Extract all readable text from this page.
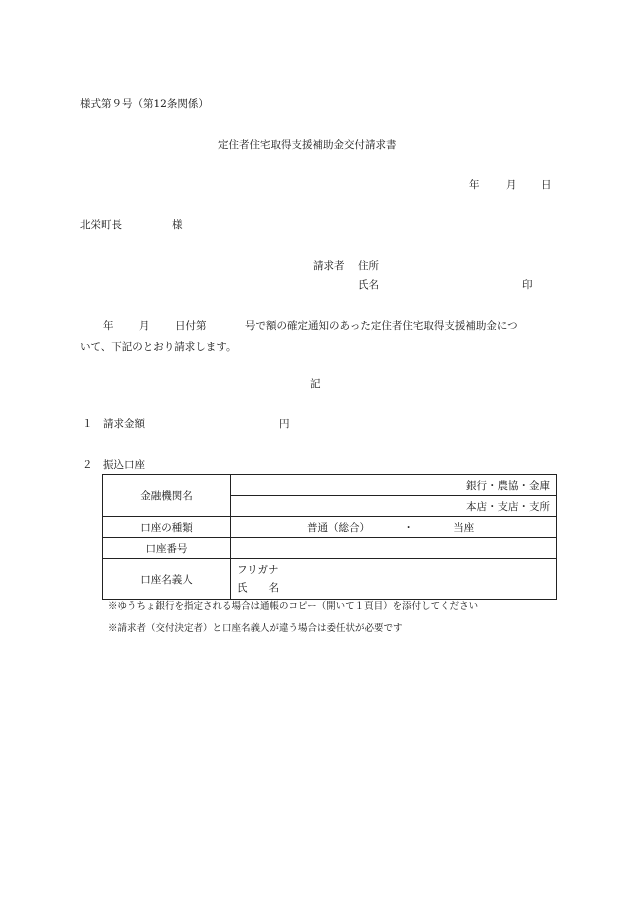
様式第９号（第12条関係）
定住者住宅取得支援補助金交付請求書
年	月 日
北栄町長	様
請求者 住所
氏名	印
年 月 日付第	号で額の確定通知のあった定住者住宅取得支援補助金につ
いて、下記のとおり請求します。
記
１ 請求金額	円
２ 振込口座
金融機関名	銀行・農協・金庫
	本店・支店・支所
口座の種類	普通（総合） ・ 当座
口座番号	
口座名義人	フリガナ
氏　　名
※ゆうちょ銀行を指定される場合は通帳のコピー（開いて１頁目）を添付してください
※請求者（交付決定者）と口座名義人が違う場合は委任状が必要です
